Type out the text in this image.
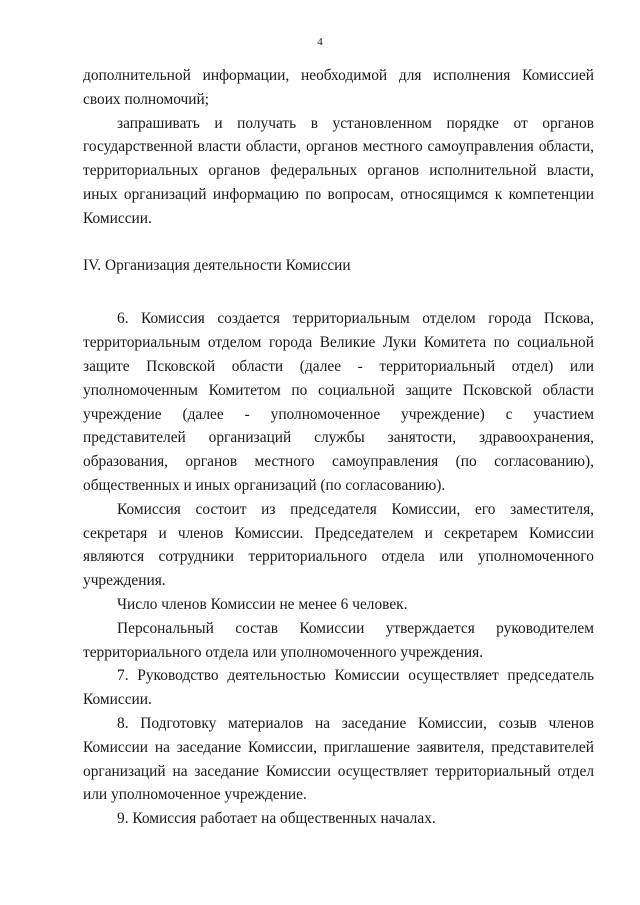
4

дополнительной информации, необходимой для исполнения Комиссией своих полномочий;

запрашивать и получать в установленном порядке от органов государственной власти области, органов местного самоуправления области, территориальных органов федеральных органов исполнительной власти, иных организаций информацию по вопросам, относящимся к компетенции Комиссии.

IV. Организация деятельности Комиссии

6. Комиссия создается территориальным отделом города Пскова, территориальным отделом города Великие Луки Комитета по социальной защите Псковской области (далее - территориальный отдел) или уполномоченным Комитетом по социальной защите Псковской области учреждение (далее - уполномоченное учреждение) с участием представителей организаций службы занятости, здравоохранения, образования, органов местного самоуправления (по согласованию), общественных и иных организаций (по согласованию).

Комиссия состоит из председателя Комиссии, его заместителя, секретаря и членов Комиссии. Председателем и секретарем Комиссии являются сотрудники территориального отдела или уполномоченного учреждения.

Число членов Комиссии не менее 6 человек.

Персональный состав Комиссии утверждается руководителем территориального отдела или уполномоченного учреждения.

7. Руководство деятельностью Комиссии осуществляет председатель Комиссии.

8. Подготовку материалов на заседание Комиссии, созыв членов Комиссии на заседание Комиссии, приглашение заявителя, представителей организаций на заседание Комиссии осуществляет территориальный отдел или уполномоченное учреждение.

9. Комиссия работает на общественных началах.
